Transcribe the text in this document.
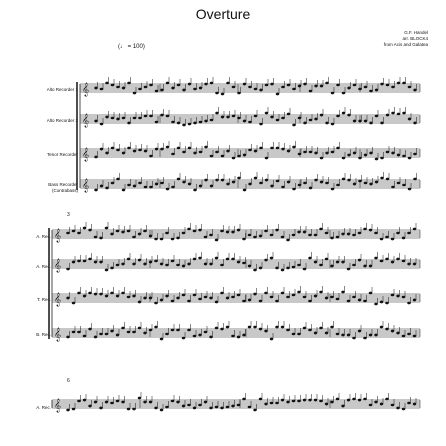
Overture
G.F. Handel
arr. BLOCK4
from Acis and Galatea
(♩ = 100)
Alto Recorder 1
Alto Recorder 2
Tenor Recorder
Bass Recorder
(Contrabass)
3
A. Rec.
A. Rec.
T. Rec.
B. Rec.
6
A. Rec.
𝄞
𝄞
𝄞
𝄞
𝄞
𝄞
𝄞
𝄞
𝄞
